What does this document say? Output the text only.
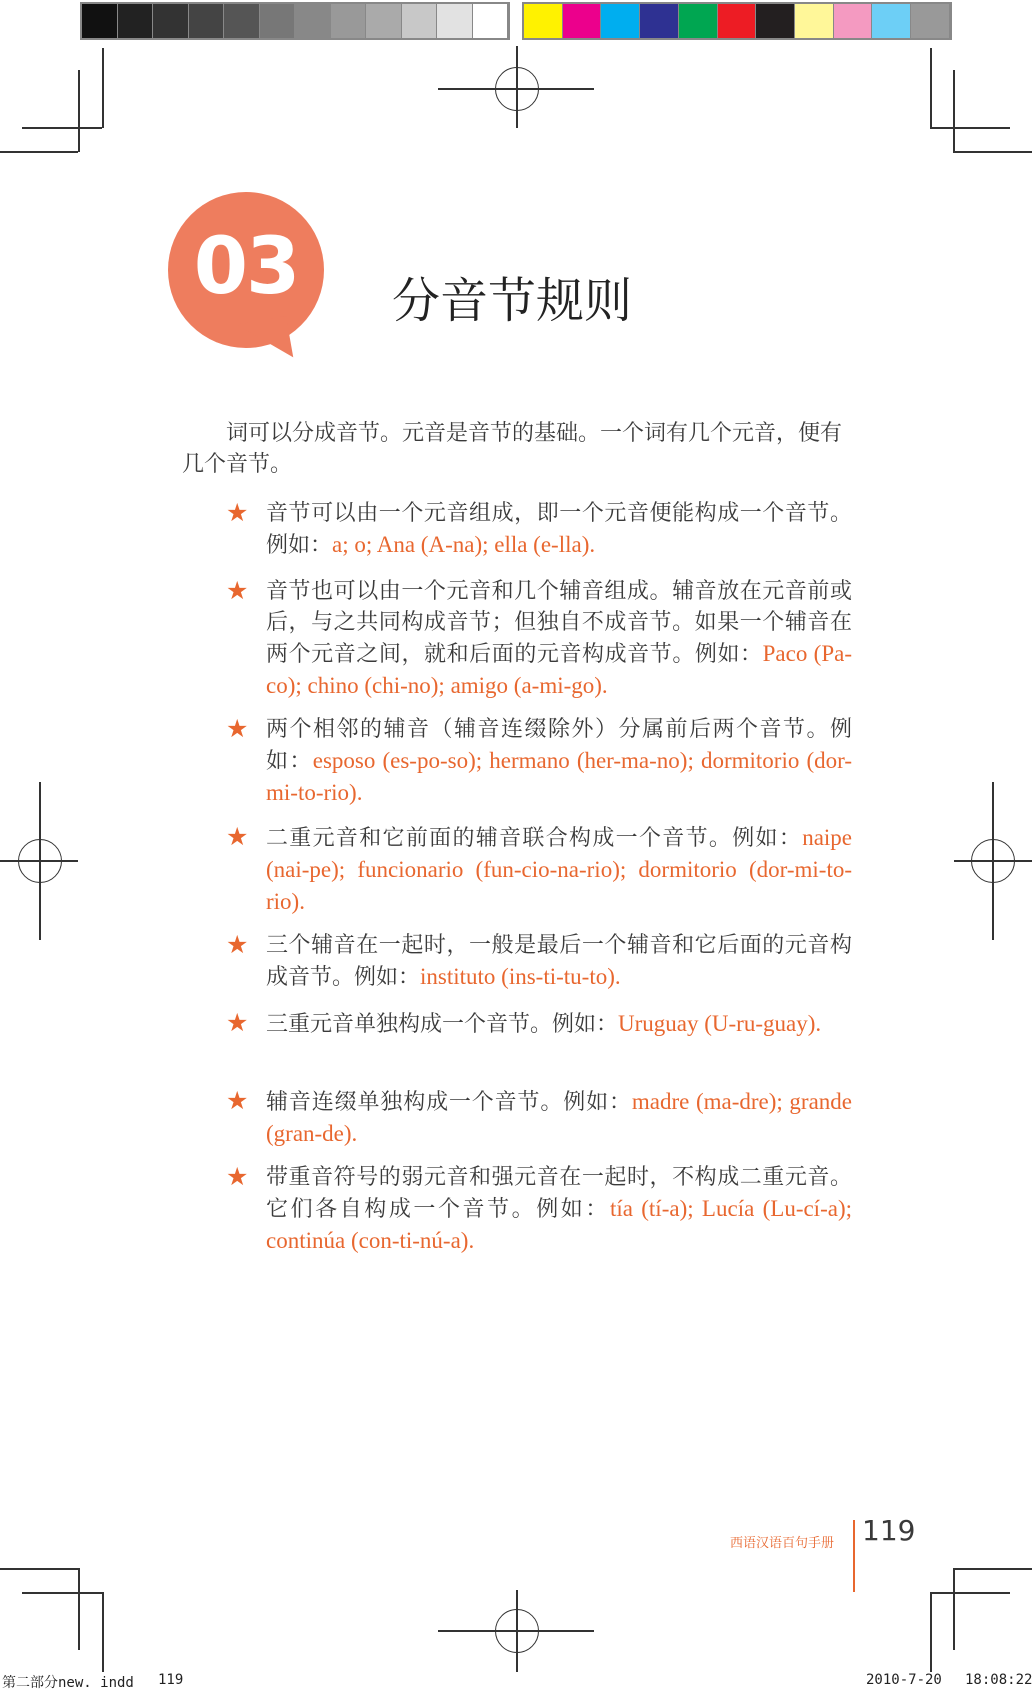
03	分音节规则
词可以分成音节。元音是音节的基础。一个词有几个元音，便有几个音节。
★ 音节可以由一个元音组成，即一个元音便能构成一个音节。例如：a; o; Ana (A-na); ella (e-lla).
★ 音节也可以由一个元音和几个辅音组成。辅音放在元音前或后，与之共同构成音节；但独自不成音节。如果一个辅音在两个元音之间，就和后面的元音构成音节。例如：Paco (Pa-co); chino (chi-no); amigo (a-mi-go).
★ 两个相邻的辅音（辅音连缀除外）分属前后两个音节。例如：esposo (es-po-so); hermano (her-ma-no); dormitorio (dor-mi-to-rio).
★ 二重元音和它前面的辅音联合构成一个音节。例如：naipe (nai-pe); funcionario (fun-cio-na-rio); dormitorio (dor-mi-to-rio).
★ 三个辅音在一起时，一般是最后一个辅音和它后面的元音构成音节。例如：instituto (ins-ti-tu-to).
★ 三重元音单独构成一个音节。例如：Uruguay (U-ru-guay).
★ 辅音连缀单独构成一个音节。例如：madre (ma-dre); grande (gran-de).
★ 带重音符号的弱元音和强元音在一起时，不构成二重元音。它们各自构成一个音节。例如：tía (tí-a); Lucía (Lu-cí-a); continúa (con-ti-nú-a).
西语汉语百句手册 119
第二部分new. indd 119	2010-7-20 18:08:22
